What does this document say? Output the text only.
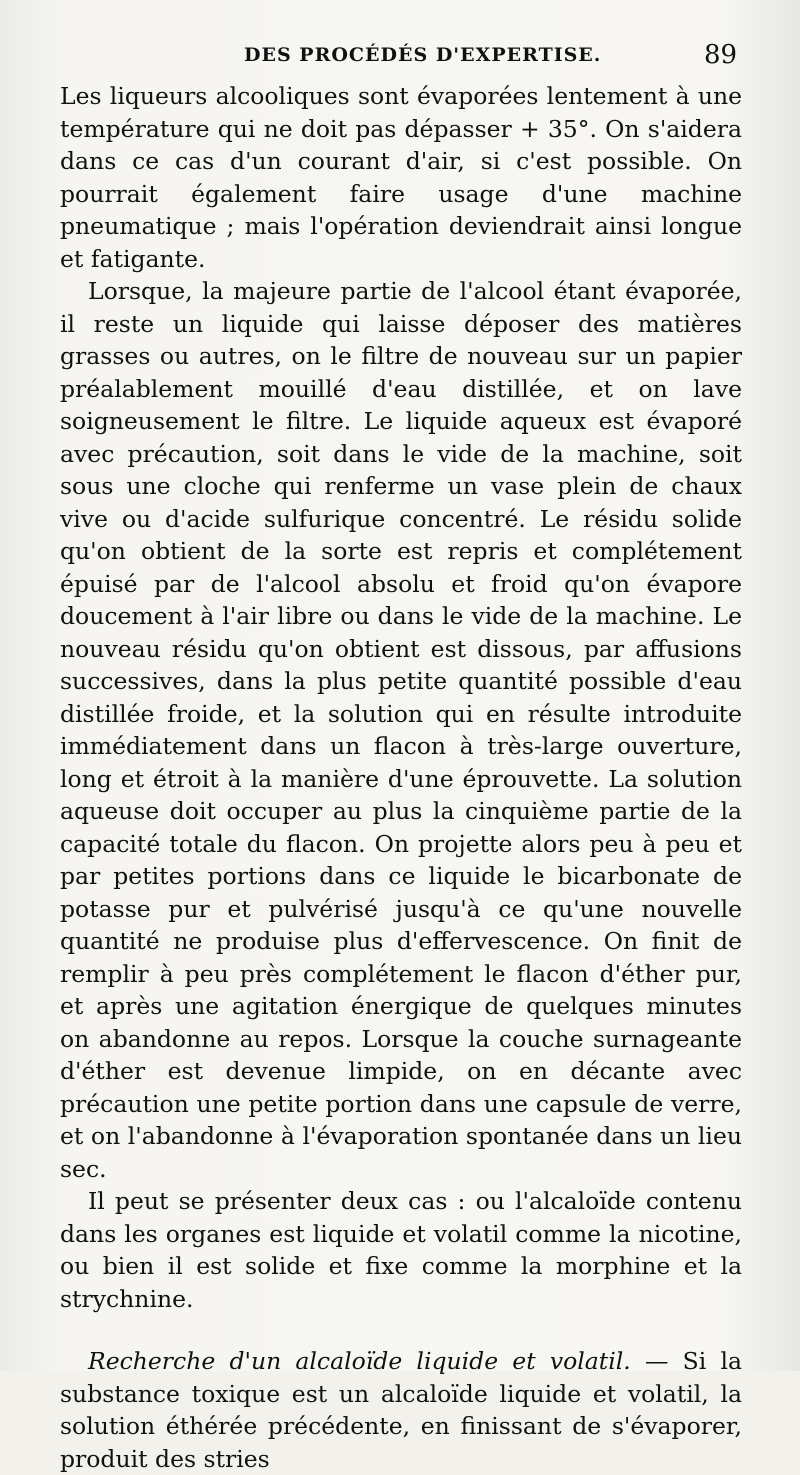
DES PROCÉDÉS D'EXPERTISE.	89

Les liqueurs alcooliques sont évaporées lentement à une température qui ne doit pas dépasser + 35°. On s'aidera dans ce cas d'un courant d'air, si c'est possible. On pourrait également faire usage d'une machine pneumatique ; mais l'opération deviendrait ainsi longue et fatigante.

Lorsque, la majeure partie de l'alcool étant évaporée, il reste un liquide qui laisse déposer des matières grasses ou autres, on le filtre de nouveau sur un papier préalablement mouillé d'eau distillée, et on lave soigneusement le filtre. Le liquide aqueux est évaporé avec précaution, soit dans le vide de la machine, soit sous une cloche qui renferme un vase plein de chaux vive ou d'acide sulfurique concentré. Le résidu solide qu'on obtient de la sorte est repris et complétement épuisé par de l'alcool absolu et froid qu'on évapore doucement à l'air libre ou dans le vide de la machine. Le nouveau résidu qu'on obtient est dissous, par affusions successives, dans la plus petite quantité possible d'eau distillée froide, et la solution qui en résulte introduite immédiatement dans un flacon à très-large ouverture, long et étroit à la manière d'une éprouvette. La solution aqueuse doit occuper au plus la cinquième partie de la capacité totale du flacon. On projette alors peu à peu et par petites portions dans ce liquide le bicarbonate de potasse pur et pulvérisé jusqu'à ce qu'une nouvelle quantité ne produise plus d'effervescence. On finit de remplir à peu près complétement le flacon d'éther pur, et après une agitation énergique de quelques minutes on abandonne au repos. Lorsque la couche surnageante d'éther est devenue limpide, on en décante avec précaution une petite portion dans une capsule de verre, et on l'abandonne à l'évaporation spontanée dans un lieu sec.

Il peut se présenter deux cas : ou l'alcaloïde contenu dans les organes est liquide et volatil comme la nicotine, ou bien il est solide et fixe comme la morphine et la strychnine.

Recherche d'un alcaloïde liquide et volatil. — Si la substance toxique est un alcaloïde liquide et volatil, la solution éthérée précédente, en finissant de s'évaporer, produit des stries
